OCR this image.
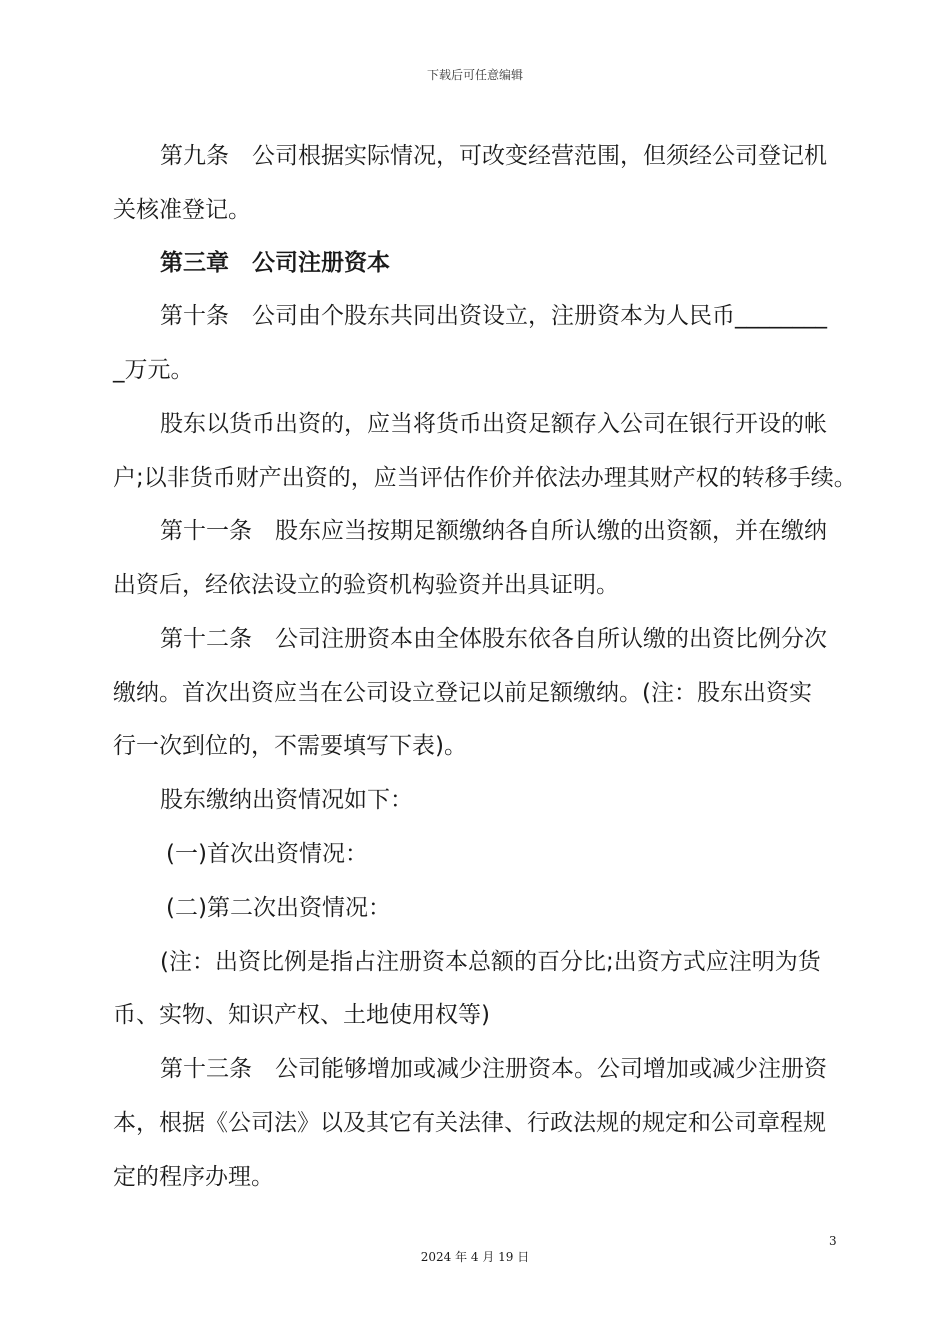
下载后可任意编辑
第九条　公司根据实际情况，可改变经营范围，但须经公司登记机
关核准登记。
第三章　公司注册资本
第十条　公司由个股东共同出资设立，注册资本为人民币________
_万元。
股东以货币出资的，应当将货币出资足额存入公司在银行开设的帐
户;以非货币财产出资的，应当评估作价并依法办理其财产权的转移手续。
第十一条　股东应当按期足额缴纳各自所认缴的出资额，并在缴纳
出资后，经依法设立的验资机构验资并出具证明。
第十二条　公司注册资本由全体股东依各自所认缴的出资比例分次
缴纳。首次出资应当在公司设立登记以前足额缴纳。(注：股东出资实
行一次到位的，不需要填写下表)。
股东缴纳出资情况如下：
(一)首次出资情况：
(二)第二次出资情况：
(注：出资比例是指占注册资本总额的百分比;出资方式应注明为货
币、实物、知识产权、土地使用权等)
第十三条　公司能够增加或减少注册资本。公司增加或减少注册资
本，根据《公司法》以及其它有关法律、行政法规的规定和公司章程规
定的程序办理。
3
2024 年 4 月 19 日
